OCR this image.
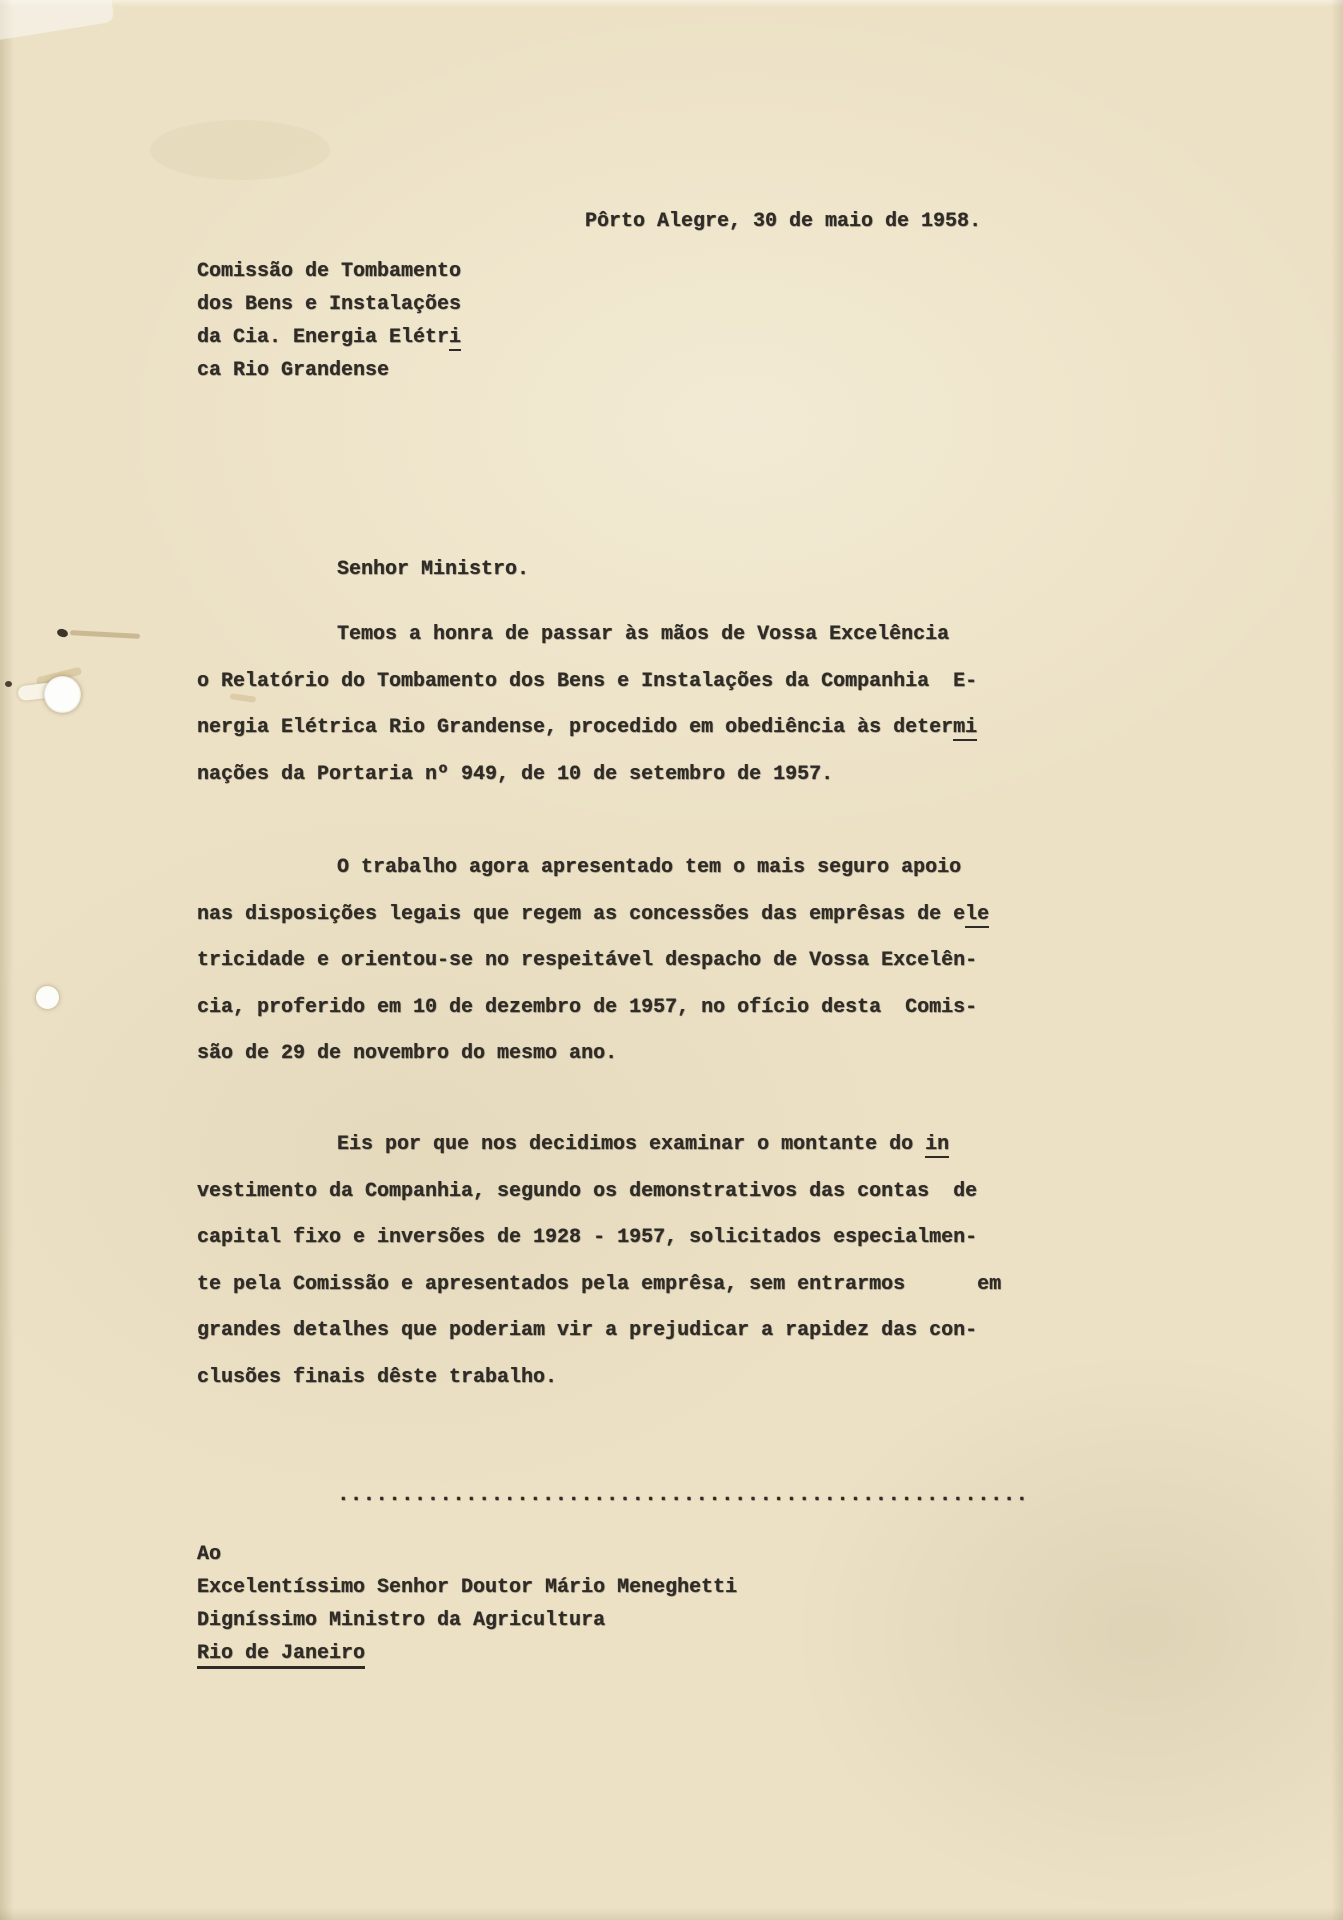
Pôrto Alegre, 30 de maio de 1958.
Comissão de Tombamento
dos Bens e Instalações
da Cia. Energia Elétri
ca Rio Grandense
Senhor Ministro.
Temos a honra de passar às mãos de Vossa Excelência
o Relatório do Tombamento dos Bens e Instalações da Companhia  E-
nergia Elétrica Rio Grandense, procedido em obediência às determi
nações da Portaria nº 949, de 10 de setembro de 1957.
O trabalho agora apresentado tem o mais seguro apoio
nas disposições legais que regem as concessões das emprêsas de ele
tricidade e orientou-se no respeitável despacho de Vossa Excelên-
cia, proferido em 10 de dezembro de 1957, no ofício desta  Comis-
são de 29 de novembro do mesmo ano.
Eis por que nos decidimos examinar o montante do in
vestimento da Companhia, segundo os demonstrativos das contas  de
capital fixo e inversões de 1928 - 1957, solicitados especialmen-
te pela Comissão e apresentados pela emprêsa, sem entrarmos      em
grandes detalhes que poderiam vir a prejudicar a rapidez das con-
clusões finais dêste trabalho.
......................................................
Ao
Excelentíssimo Senhor Doutor Mário Meneghetti
Digníssimo Ministro da Agricultura
Rio de Janeiro
